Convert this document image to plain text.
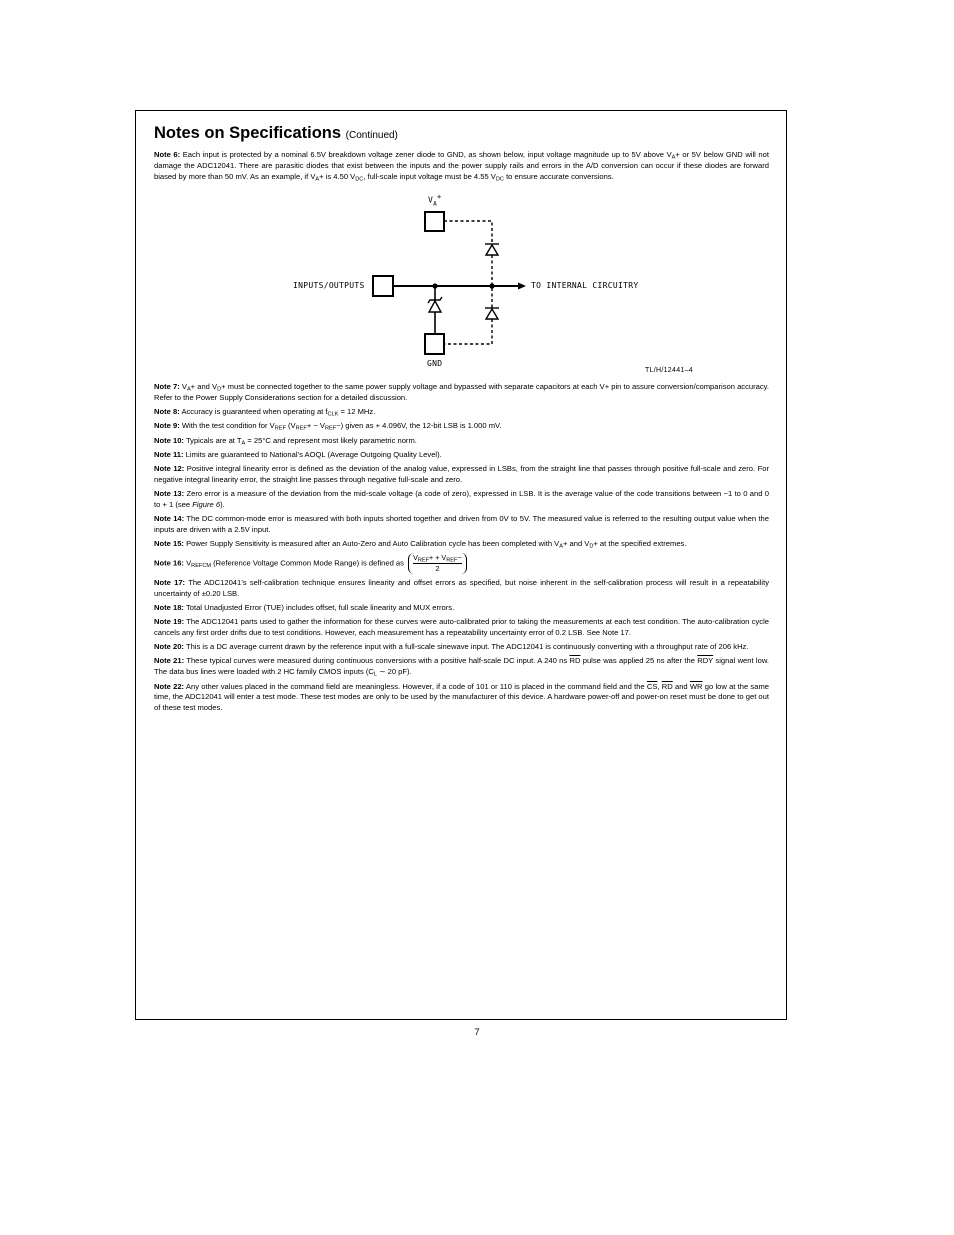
Notes on Specifications (Continued)

Note 6: Each input is protected by a nominal 6.5V breakdown voltage zener diode to GND, as shown below, input voltage magnitude up to 5V above $V_A+$ or 5V below GND will not damage the ADC12041. There are parasitic diodes that exist between the inputs and the power supply rails and errors in the A/D conversion can occur if these diodes are forward biased by more than 50 mV. As an example, if $V_A+$ is 4.50 $V_{DC}$, full-scale input voltage must be 4.55 $V_{DC}$ to ensure accurate conversions.

$V_A^+$
INPUTS/OUTPUTS	TO INTERNAL CIRCUITRY
GND
TL/H/12441–4

Note 7: $V_A+$ and $V_D+$ must be connected together to the same power supply voltage and bypassed with separate capacitors at each V+ pin to assure conversion/comparison accuracy. Refer to the Power Supply Considerations section for a detailed discussion.

Note 8: Accuracy is guaranteed when operating at $f_{CLK} = 12$ MHz.

Note 9: With the test condition for $V_{REF}$ $(V_{REF}+ - V_{REF}-)$ given as + 4.096V, the 12-bit LSB is 1.000 mV.

Note 10: Typicals are at $T_A = 25^\circ C$ and represent most likely parametric norm.

Note 11: Limits are guaranteed to National’s AOQL (Average Outgoing Quality Level).

Note 12: Positive integral linearity error is defined as the deviation of the analog value, expressed in LSBs, from the straight line that passes through positive full-scale and zero. For negative integral linearity error, the straight line passes through negative full-scale and zero.

Note 13: Zero error is a measure of the deviation from the mid-scale voltage (a code of zero), expressed in LSB. It is the average value of the code transitions between −1 to 0 and 0 to + 1 (see Figure 6).

Note 14: The DC common-mode error is measured with both inputs shorted together and driven from 0V to 5V. The measured value is referred to the resulting output value when the inputs are driven with a 2.5V input.

Note 15: Power Supply Sensitivity is measured after an Auto-Zero and Auto Calibration cycle has been completed with $V_A+$ and $V_D+$ at the specified extremes.

Note 16: $V_{REFCM}$ (Reference Voltage Common Mode Range) is defined as $\frac{V_{REF}+ + V_{REF}-}{2}$

Note 17: The ADC12041’s self-calibration technique ensures linearity and offset errors as specified, but noise inherent in the self-calibration process will result in a repeatability uncertainty of ±0.20 LSB.

Note 18: Total Unadjusted Error (TUE) includes offset, full scale linearity and MUX errors.

Note 19: The ADC12041 parts used to gather the information for these curves were auto-calibrated prior to taking the measurements at each test condition. The auto-calibration cycle cancels any first order drifts due to test conditions. However, each measurement has a repeatability uncertainty error of 0.2 LSB. See Note 17.

Note 20: This is a DC average current drawn by the reference input with a full-scale sinewave input. The ADC12041 is continuously converting with a throughput rate of 206 kHz.

Note 21: These typical curves were measured during continuous conversions with a positive half-scale DC input. A 240 ns $\overline{RD}$ pulse was applied 25 ns after the $\overline{RDY}$ signal went low. The data bus lines were loaded with 2 HC family CMOS inputs ($C_L$ ∼ 20 pF).

Note 22: Any other values placed in the command field are meaningless. However, if a code of 101 or 110 is placed in the command field and the $\overline{CS}$, $\overline{RD}$ and $\overline{WR}$ go low at the same time, the ADC12041 will enter a test mode. These test modes are only to be used by the manufacturer of this device. A hardware power-off and power-on reset must be done to get out of these test modes.

7
